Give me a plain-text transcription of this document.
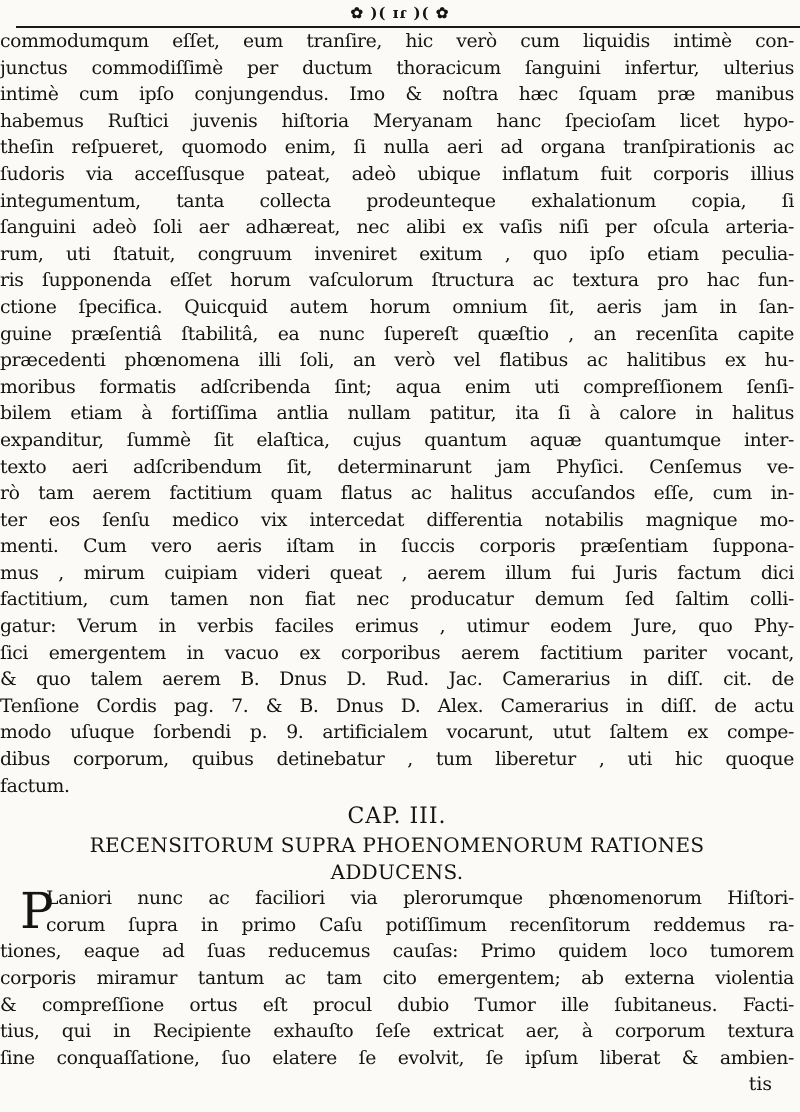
✿ )( ɪɾ )( ✿
commodumqum eſſet, eum tranſire, hic verò cum liquidis intimè con-
junctus commodiſſimè per ductum thoracicum ſanguini infertur, ulterius
intimè cum ipſo conjungendus. Imo & noſtra hæc ſquam præ manibus
habemus Ruſtici juvenis hiſtoria Meryanam hanc ſpecioſam licet hypo-
theſin reſpueret, quomodo enim, ſi nulla aeri ad organa tranſpirationis ac
ſudoris via acceſſusque pateat, adeò ubique inflatum fuit corporis illius
integumentum, tanta collecta prodeunteque exhalationum copia, ſi
ſanguini adeò ſoli aer adhæreat, nec alibi ex vaſis niſi per oſcula arteria-
rum, uti ſtatuit, congruum inveniret exitum , quo ipſo etiam peculia-
ris ſupponenda eſſet horum vaſculorum ſtructura ac textura pro hac fun-
ctione ſpecifica. Quicquid autem horum omnium ſit, aeris jam in ſan-
guine præſentiâ ſtabilitâ, ea nunc ſupereſt quæſtio , an recenſita capite
præcedenti phœnomena illi ſoli, an verò vel flatibus ac halitibus ex hu-
moribus formatis adſcribenda ſint; aqua enim uti compreſſionem ſenſi-
bilem etiam à fortiſſima antlia nullam patitur, ita ſi à calore in halitus
expanditur, ſummè ſit elaſtica, cujus quantum aquæ quantumque inter-
texto aeri adſcribendum ſit, determinarunt jam Phyſici. Cenſemus ve-
rò tam aerem factitium quam flatus ac halitus accuſandos eſſe, cum in-
ter eos ſenſu medico vix intercedat differentia notabilis magnique mo-
menti. Cum vero aeris iſtam in ſuccis corporis præſentiam ſuppona-
mus , mirum cuipiam videri queat , aerem illum fui Juris factum dici
factitium, cum tamen non fiat nec producatur demum ſed ſaltim colli-
gatur: Verum in verbis faciles erimus , utimur eodem Jure, quo Phy-
ſici emergentem in vacuo ex corporibus aerem factitium pariter vocant,
& quo talem aerem B. Dnus D. Rud. Jac. Camerarius in diſſ. cit. de
Tenſione Cordis pag. 7. & B. Dnus D. Alex. Camerarius in diſſ. de actu
modo uſuque ſorbendi p. 9. artificialem vocarunt, utut ſaltem ex compe-
dibus corporum, quibus detinebatur , tum liberetur , uti hic quoque
factum.
CAP. III.
RECENSITORUM SUPRA PHOENOMENORUM RATIONES
ADDUCENS.
P
Laniori nunc ac faciliori via plerorumque phœnomenorum Hiſtori-
corum ſupra in primo Caſu potiſſimum recenſitorum reddemus ra-
tiones, eaque ad ſuas reducemus cauſas: Primo quidem loco tumorem
corporis miramur tantum ac tam cito emergentem; ab externa violentia
& compreſſione ortus eſt procul dubio Tumor ille ſubitaneus. Facti-
tius, qui in Recipiente exhauſto ſeſe extricat aer, à corporum textura
ſine conquaſſatione, ſuo elatere ſe evolvit, ſe ipſum liberat & ambien-
tis
